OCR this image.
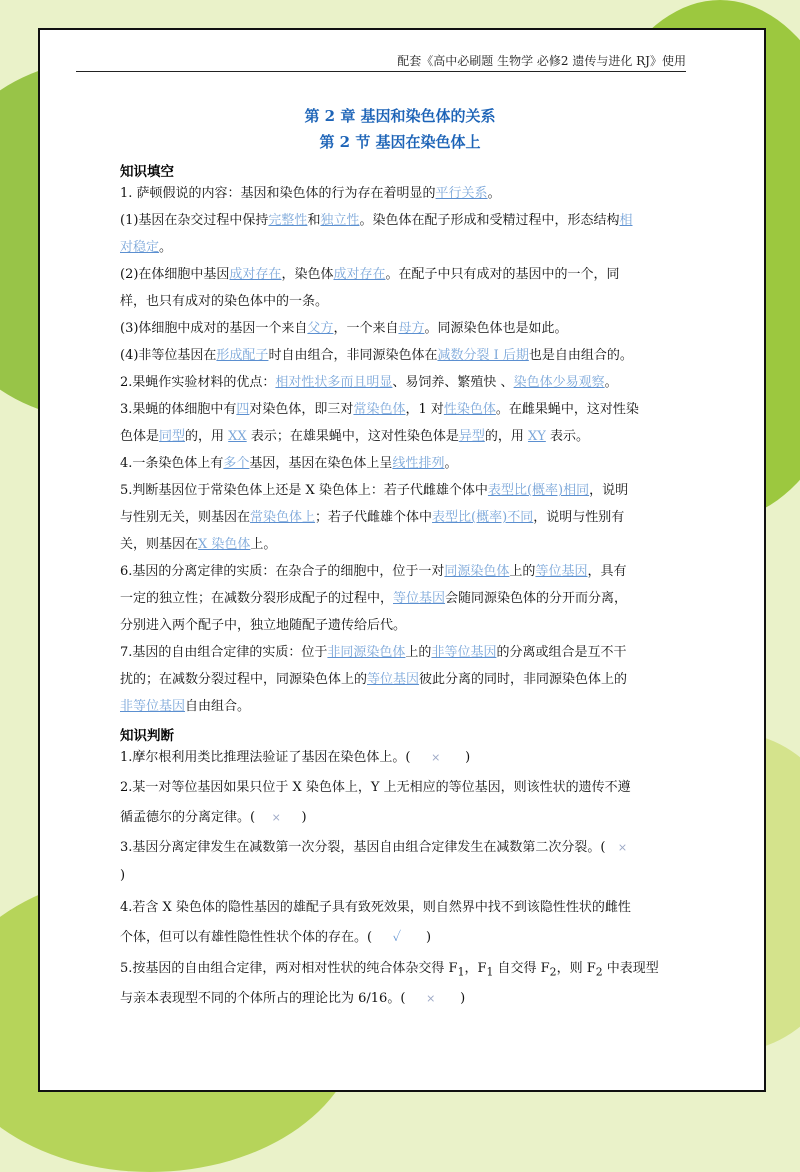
配套《高中必刷题 生物学 必修2 遗传与进化 RJ》使用
第 2 章 基因和染色体的关系
第 2 节 基因在染色体上
知识填空
1. 萨顿假说的内容：基因和染色体的行为存在着明显的平行关系。
(1)基因在杂交过程中保持完整性和独立性。染色体在配子形成和受精过程中，形态结构相
对稳定。
(2)在体细胞中基因成对存在，染色体成对存在。在配子中只有成对的基因中的一个，同
样，也只有成对的染色体中的一条。
(3)体细胞中成对的基因一个来自父方，一个来自母方。同源染色体也是如此。
(4)非等位基因在形成配子时自由组合，非同源染色体在减数分裂 I 后期也是自由组合的。
2.果蝇作实验材料的优点：相对性状多而且明显、易饲养、繁殖快 、染色体少易观察。
3.果蝇的体细胞中有四对染色体，即三对常染色体，1 对性染色体。在雌果蝇中，这对性染
色体是同型的，用 XX 表示；在雄果蝇中，这对性染色体是异型的，用 XY 表示。
4.一条染色体上有多个基因，基因在染色体上呈线性排列。
5.判断基因位于常染色体上还是 X 染色体上：若子代雌雄个体中表型比(概率)相同，说明
与性别无关，则基因在常染色体上；若子代雌雄个体中表型比(概率)不同，说明与性别有
关，则基因在X 染色体上。
6.基因的分离定律的实质：在杂合子的细胞中，位于一对同源染色体上的等位基因，具有
一定的独立性；在减数分裂形成配子的过程中，等位基因会随同源染色体的分开而分离，
分别进入两个配子中，独立地随配子遗传给后代。
7.基因的自由组合定律的实质：位于非同源染色体上的非等位基因的分离或组合是互不干
扰的；在减数分裂过程中，同源染色体上的等位基因彼此分离的同时，非同源染色体上的
非等位基因自由组合。
知识判断
1.摩尔根利用类比推理法验证了基因在染色体上。( × )
2.某一对等位基因如果只位于 X 染色体上，Y 上无相应的等位基因，则该性状的遗传不遵
循孟德尔的分离定律。( × )
3.基因分离定律发生在减数第一次分裂，基因自由组合定律发生在减数第二次分裂。( ×
)
4.若含 X 染色体的隐性基因的雄配子具有致死效果，则自然界中找不到该隐性性状的雌性
个体，但可以有雄性隐性性状个体的存在。( ✓ )
5.按基因的自由组合定律，两对相对性状的纯合体杂交得 $F_1$，$F_1$ 自交得 $F_2$，则 $F_2$ 中表现型
与亲本表现型不同的个体所占的理论比为 6/16。( × )
